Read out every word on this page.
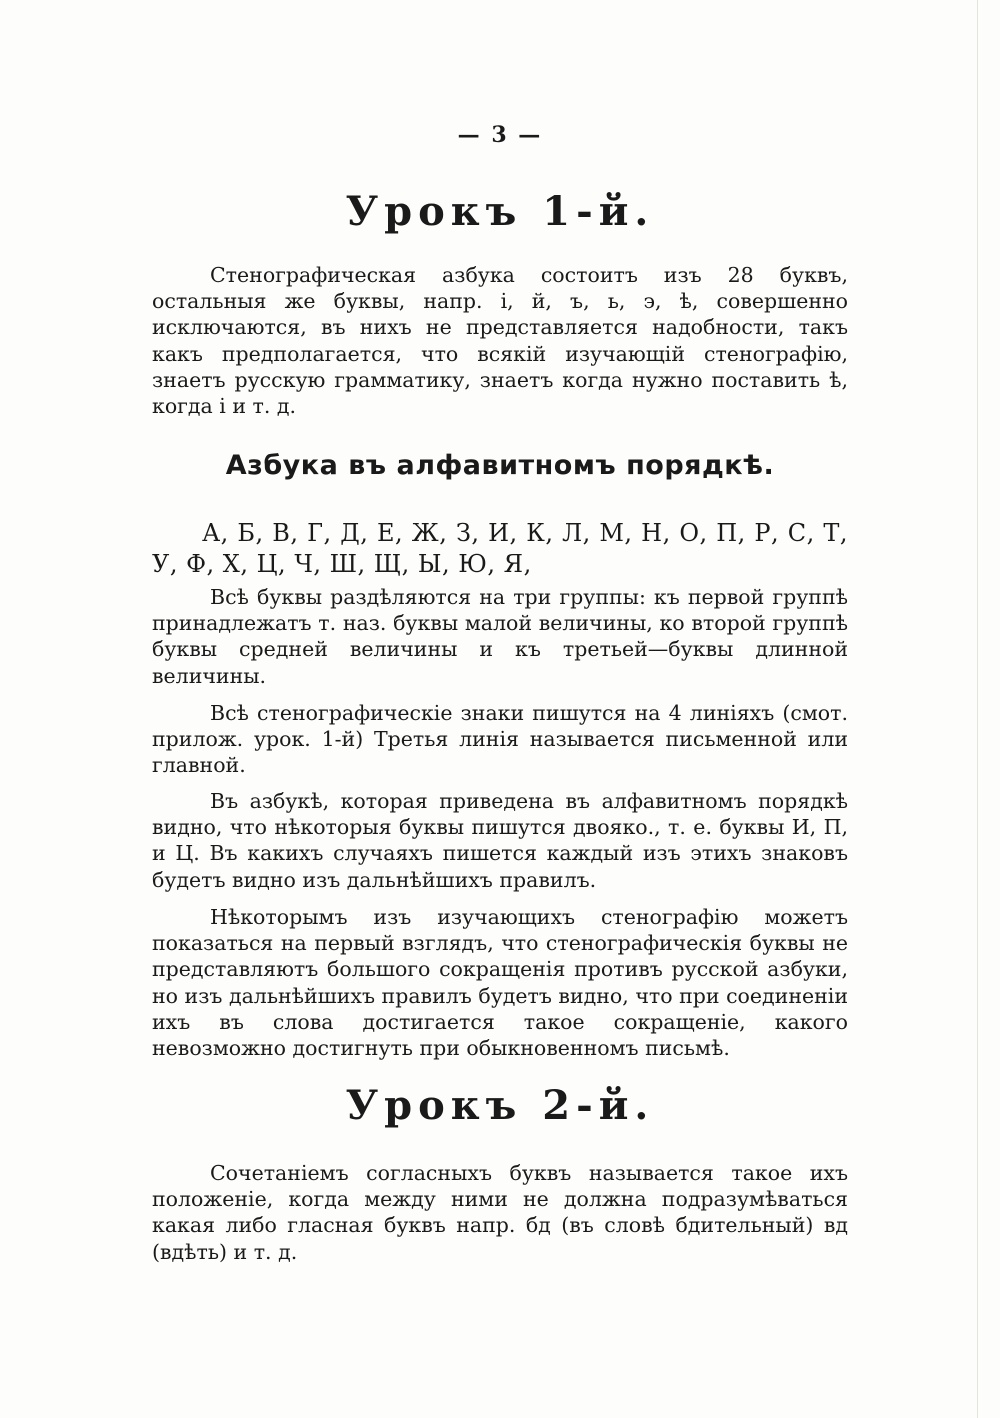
— 3 —
Урокъ 1-й.
Стенографическая азбука состоитъ изъ 28 буквъ, остальныя же буквы, напр. і, й, ъ, ь, э, ѣ, совершенно исключаются, въ нихъ не представляется надобности, такъ какъ предполагается, что всякій изучающій стенографію, знаетъ русскую грамматику, знаетъ когда нужно поставить ѣ, когда і и т. д.
Азбука въ алфавитномъ порядкѣ.
А, Б, В, Г, Д, Е, Ж, З, И, К, Л, М, Н, О, П, Р, С, Т, У, Ф, Х, Ц, Ч, Ш, Щ, Ы, Ю, Я,
Всѣ буквы раздѣляются на три группы: къ первой группѣ принадлежатъ т. наз. буквы малой величины, ко второй группѣ буквы средней величины и къ третьей—буквы длинной величины.
Всѣ стенографическіе знаки пишутся на 4 линіяхъ (смот. прилож. урок. 1-й) Третья линія называется письменной или главной.
Въ азбукѣ, которая приведена въ алфавитномъ порядкѣ видно, что нѣкоторыя буквы пишутся двояко., т. е. буквы И, П, и Ц. Въ какихъ случаяхъ пишется каждый изъ этихъ знаковъ будетъ видно изъ дальнѣйшихъ правилъ.
Нѣкоторымъ изъ изучающихъ стенографію можетъ показаться на первый взглядъ, что стенографическія буквы не представляютъ большого сокращенія противъ русской азбуки, но изъ дальнѣйшихъ правилъ будетъ видно, что при соединеніи ихъ въ слова достигается такое сокращеніе, какого невозможно достигнуть при обыкновенномъ письмѣ.
Урокъ 2-й.
Сочетаніемъ согласныхъ буквъ называется такое ихъ положеніе, когда между ними не должна подразумѣваться какая либо гласная буквъ напр. бд (въ словѣ бдительный) вд (вдѣть) и т. д.
